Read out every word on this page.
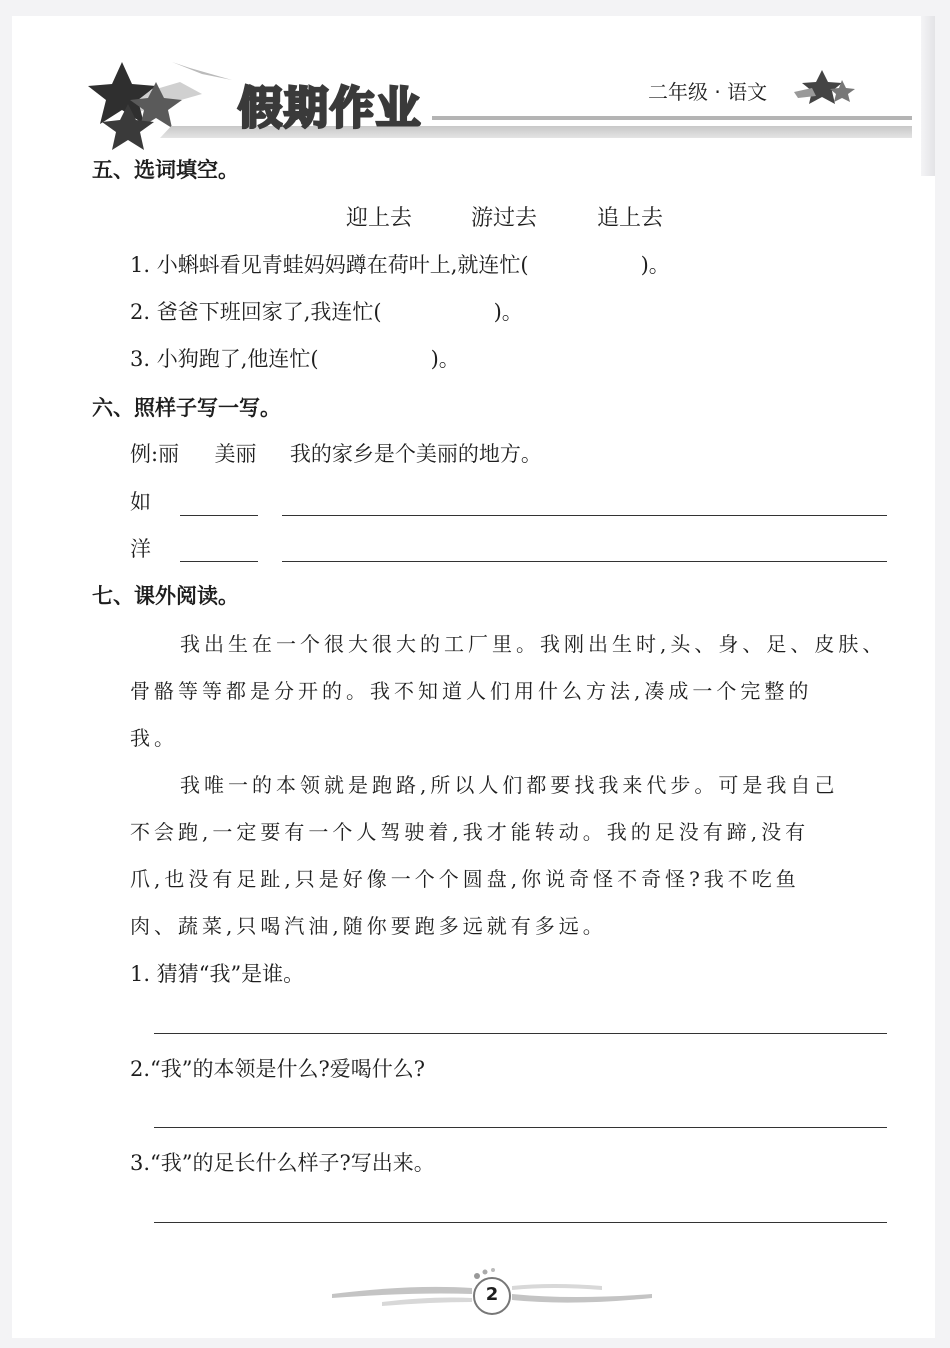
假期作业	二年级 · 语文
五、选词填空。
迎上去	游过去	追上去
1. 小蝌蚪看见青蛙妈妈蹲在荷叶上,就连忙(	)。
2. 爸爸下班回家了,我连忙(	)。
3. 小狗跑了,他连忙(	)。
六、照样子写一写。
例:丽 美丽 我的家乡是个美丽的地方。
如
洋
七、课外阅读。
我出生在一个很大很大的工厂里。我刚出生时,头、身、足、皮肤、
骨骼等等都是分开的。我不知道人们用什么方法,凑成一个完整的
我。
我唯一的本领就是跑路,所以人们都要找我来代步。可是我自己
不会跑,一定要有一个人驾驶着,我才能转动。我的足没有蹄,没有
爪,也没有足趾,只是好像一个个圆盘,你说奇怪不奇怪?我不吃鱼
肉、蔬菜,只喝汽油,随你要跑多远就有多远。
1. 猜猜“我”是谁。
2.“我”的本领是什么?爱喝什么?
3.“我”的足长什么样子?写出来。
2
